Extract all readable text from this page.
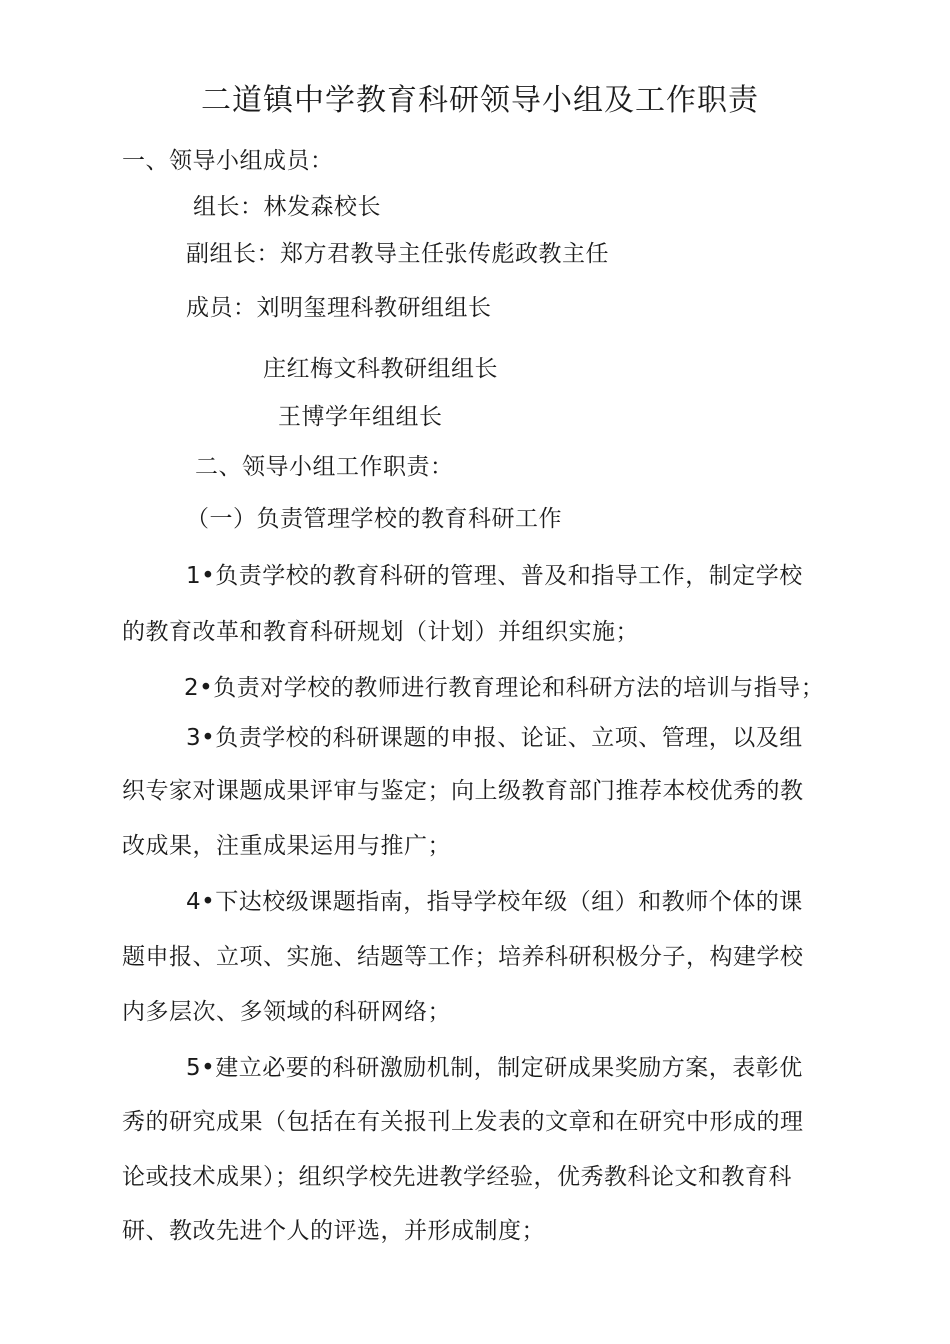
二道镇中学教育科研领导小组及工作职责
一、领导小组成员：
组长：林发森校长
副组长：郑方君教导主任张传彪政教主任
成员：刘明玺理科教研组组长
庄红梅文科教研组组长
王博学年组组长
二、领导小组工作职责：
（一）负责管理学校的教育科研工作
1•负责学校的教育科研的管理、普及和指导工作，制定学校
的教育改革和教育科研规划（计划）并组织实施；
2•负责对学校的教师进行教育理论和科研方法的培训与指导；
3•负责学校的科研课题的申报、论证、立项、管理，以及组
织专家对课题成果评审与鉴定；向上级教育部门推荐本校优秀的教
改成果，注重成果运用与推广；
4•下达校级课题指南，指导学校年级（组）和教师个体的课
题申报、立项、实施、结题等工作；培养科研积极分子，构建学校
内多层次、多领域的科研网络；
5•建立必要的科研激励机制，制定研成果奖励方案，表彰优
秀的研究成果（包括在有关报刊上发表的文章和在研究中形成的理
论或技术成果）；组织学校先进教学经验，优秀教科论文和教育科
研、教改先进个人的评选，并形成制度；
